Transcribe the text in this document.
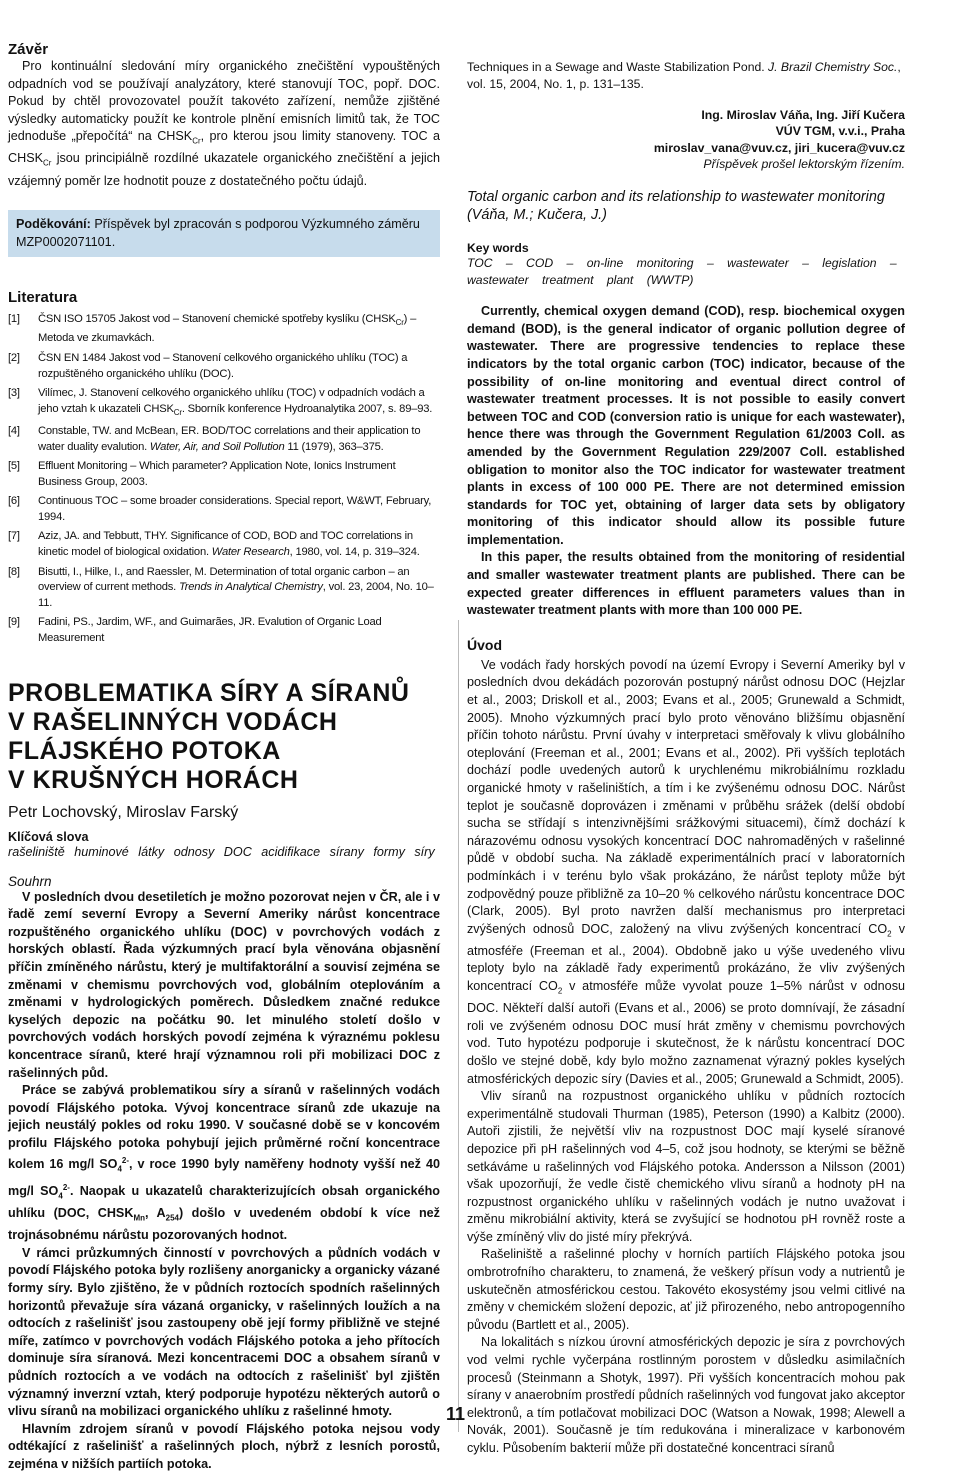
Závěr

Pro kontinuální sledování míry organického znečištění vypouštěných odpadních vod se používají analyzátory, které stanovují TOC, popř. DOC. Pokud by chtěl provozovatel použít takovéto zařízení, nemůže zjištěné výsledky automaticky použít ke kontrole plnění emisních limitů tak, že TOC jednoduše „přepočítá“ na $CHSK_{Cr}$, pro kterou jsou limity stanoveny. TOC a $CHSK_{Cr}$ jsou principiálně rozdílné ukazatele organického znečištění a jejich vzájemný poměr lze hodnotit pouze z dostatečného počtu údajů.

Poděkování: Příspěvek byl zpracován s podporou Výzkumného záměru MZP0002071101.
Literatura
[1] ČSN ISO 15705 Jakost vod – Stanovení chemické spotřeby kyslíku $(CHSK_{Cr})$ – Metoda ve zkumavkách.
[2] ČSN EN 1484 Jakost vod – Stanovení celkového organického uhlíku (TOC) a rozpuštěného organického uhlíku (DOC).
[3] Vilímec, J. Stanovení celkového organického uhlíku (TOC) v odpadních vodách a jeho vztah k ukazateli $CHSK_{Cr}$. Sborník konference Hydroanalytika 2007, s. 89–93.
[4] Constable, TW. and McBean, ER. BOD/TOC correlations and their application to water duality evalution. Water, Air, and Soil Pollution 11 (1979), 363–375.
[5] Effluent Monitoring – Which parameter? Application Note, Ionics Instrument Business Group, 2003.
[6] Continuous TOC – some broader considerations. Special report, W&WT, February, 1994.
[7] Aziz, JA. and Tebbutt, THY. Significance of COD, BOD and TOC correlations in kinetic model of biological oxidation. Water Research, 1980, vol. 14, p. 319–324.
[8] Bisutti, I., Hilke, I., and Raessler, M. Determination of total organic carbon – an overview of current methods. Trends in Analytical Chemistry, vol. 23, 2004, No. 10–11.
[9] Fadini, PS., Jardim, WF., and Guimarães, JR. Evalution of Organic Load Measurement
PROBLEMATIKA SÍRY A SÍRANŮ
V RAŠELINNÝCH VODÁCH
FLÁJSKÉHO POTOKA
V KRUŠNÝCH HORÁCH
Petr Lochovský, Miroslav Farský
Klíčová slova
rašeliniště huminové látky odnosy DOC acidifikace sírany formy síry
Souhrn

V posledních dvou desetiletích je možno pozorovat nejen v ČR, ale i v řadě zemí severní Evropy a Severní Ameriky nárůst koncentrace rozpuštěného organického uhlíku (DOC) v povrchových vodách z horských oblastí. Řada výzkumných prací byla věnována objasnění příčin zmíněného nárůstu, který je multifaktorální a souvisí zejména se změnami v chemismu povrchových vod, globálním oteplováním a změnami v hydrologických poměrech. Důsledkem značné redukce kyselých depozic na počátku 90. let minulého století došlo v povrchových vodách horských povodí zejména k výraznému poklesu koncentrace síranů, které hrají významnou roli při mobilizaci DOC z rašelinných půd.

Práce se zabývá problematikou síry a síranů v rašelinných vodách povodí Flájského potoka. Vývoj koncentrace síranů zde ukazuje na jejich neustálý pokles od roku 1990. V současné době se v koncovém profilu Flájského potoka pohybují jejich průměrné roční koncentrace kolem 16 mg/l $SO_4^{2-}$, v roce 1990 byly naměřeny hodnoty vyšší než 40 mg/l $SO_4^{2-}$. Naopak u ukazatelů charakterizujících obsah organického uhlíku (DOC, $CHSK_{Mn}$, $A_{254}$) došlo v uvedeném období k více než trojnásobnému nárůstu pozorovaných hodnot.

V rámci průzkumných činností v povrchových a půdních vodách v povodí Flájského potoka byly rozlišeny anorganicky a organicky vázané formy síry. Bylo zjištěno, že v půdních roztocích spodních rašelinných horizontů převažuje síra vázaná organicky, v rašelinných loužích a na odtocích z rašelinišť jsou zastoupeny obě její formy přibližně ve stejné míře, zatímco v povrchových vodách Flájského potoka a jeho přítocích dominuje síra síranová. Mezi koncentracemi DOC a obsahem síranů v půdních roztocích a ve vodách na odtocích z rašelinišť byl zjištěn významný inverzní vztah, který podporuje hypotézu některých autorů o vlivu síranů na mobilizaci organického uhlíku z rašelinné hmoty.

Hlavním zdrojem síranů v povodí Flájského potoka nejsou vody odtékající z rašelinišť a rašelinných ploch, nýbrž z lesních porostů, zejména v nižších partiích potoka.

Techniques in a Sewage and Waste Stabilization Pond. J. Brazil Chemistry Soc., vol. 15, 2004, No. 1, p. 131–135.

Ing. Miroslav Váňa, Ing. Jiří Kučera
VÚV TGM, v.v.i., Praha
miroslav_vana@vuv.cz, jiri_kucera@vuv.cz
Příspěvek prošel lektorským řízením.
Total organic carbon and its relationship to wastewater monitoring (Váňa, M.; Kučera, J.)
Key words
TOC – COD – on-line monitoring – wastewater – legislation – wastewater treatment plant (WWTP)

Currently, chemical oxygen demand (COD), resp. biochemical oxygen demand (BOD), is the general indicator of organic pollution degree of wastewater. There are progressive tendencies to replace these indicators by the total organic carbon (TOC) indicator, because of the possibility of on-line monitoring and eventual direct control of wastewater treatment processes. It is not possible to easily convert between TOC and COD (conversion ratio is unique for each wastewater), hence there was through the Government Regulation 61/2003 Coll. as amended by the Government Regulation 229/2007 Coll. established obligation to monitor also the TOC indicator for wastewater treatment plants in excess of 100 000 PE. There are not determined emission standards for TOC yet, obtaining of larger data sets by obligatory monitoring of this indicator should allow its possible future implementation.

In this paper, the results obtained from the monitoring of residential and smaller wastewater treatment plants are published. There can be expected greater differences in effluent parameters values than in wastewater treatment plants with more than 100 000 PE.

Úvod

Ve vodách řady horských povodí na území Evropy i Severní Ameriky byl v posledních dvou dekádách pozorován postupný nárůst odnosu DOC (Hejzlar et al., 2003; Driskoll et al., 2003; Evans et al., 2005; Grunewald a Schmidt, 2005). Mnoho výzkumných prací bylo proto věnováno bližšímu objasnění příčin tohoto nárůstu. První úvahy v interpretaci směřovaly k vlivu globálního oteplování (Freeman et al., 2001; Evans et al., 2002). Při vyšších teplotách dochází podle uvedených autorů k urychlenému mikrobiálnímu rozkladu organické hmoty v rašeliništích, a tím i ke zvýšenému odnosu DOC. Nárůst teplot je současně doprovázen i změnami v průběhu srážek (delší období sucha se střídají s intenzivnějšími srážkovými situacemi), čímž dochází k nárazovému odnosu vysokých koncentrací DOC nahromaděných v rašelinné půdě v období sucha. Na základě experimentálních prací v laboratorních podmínkách i v terénu bylo však prokázáno, že nárůst teploty může být zodpovědný pouze přibližně za 10–20 % celkového nárůstu koncentrace DOC (Clark, 2005). Byl proto navržen další mechanismus pro interpretaci zvýšených odnosů DOC, založený na vlivu zvýšených koncentrací $CO_2$ v atmosféře (Freeman et al., 2004). Obdobně jako u výše uvedeného vlivu teploty bylo na základě řady experimentů prokázáno, že vliv zvýšených koncentrací $CO_2$ v atmosféře může vyvolat pouze 1–5% nárůst v odnosu DOC. Někteří další autoři (Evans et al., 2006) se proto domnívají, že zásadní roli ve zvýšeném odnosu DOC musí hrát změny v chemismu povrchových vod. Tuto hypotézu podporuje i skutečnost, že k nárůstu koncentrací DOC došlo ve stejné době, kdy bylo možno zaznamenat výrazný pokles kyselých atmosférických depozic síry (Davies et al., 2005; Grunewald a Schmidt, 2005).

Vliv síranů na rozpustnost organického uhlíku v půdních roztocích experimentálně studovali Thurman (1985), Peterson (1990) a Kalbitz (2000). Autoři zjistili, že největší vliv na rozpustnost DOC mají kyselé síranové depozice při pH rašelinných vod 4–5, což jsou hodnoty, se kterými se běžně setkáváme u rašelinných vod Flájského potoka. Andersson a Nilsson (2001) však upozorňují, že vedle čistě chemického vlivu síranů a hodnoty pH na rozpustnost organického uhlíku v rašelinných vodách je nutno uvažovat i změnu mikrobiální aktivity, která se zvyšující se hodnotou pH rovněž roste a výše zmíněný vliv do jisté míry překrývá.

Rašeliniště a rašelinné plochy v horních partiích Flájského potoka jsou ombrotrofního charakteru, to znamená, že veškerý přísun vody a nutrientů je uskutečněn atmosférickou cestou. Takovéto ekosystémy jsou velmi citlivé na změny v chemickém složení depozic, ať již přirozeného, nebo antropogenního původu (Bartlett et al., 2005).

Na lokalitách s nízkou úrovní atmosférických depozic je síra z povrchových vod velmi rychle vyčerpána rostlinným porostem v důsledku asimilačních procesů (Steinmann a Shotyk, 1997). Při vyšších koncentracích mohou pak sírany v anaerobním prostředí půdních rašelinných vod fungovat jako akceptor elektronů, a tím potlačovat mobilizaci DOC (Watson a Nowak, 1998; Alewell a Novák, 2001). Současně je tím redukována i mineralizace v karbonovém cyklu. Působením bakterií může při dostatečné koncentraci síranů

11
